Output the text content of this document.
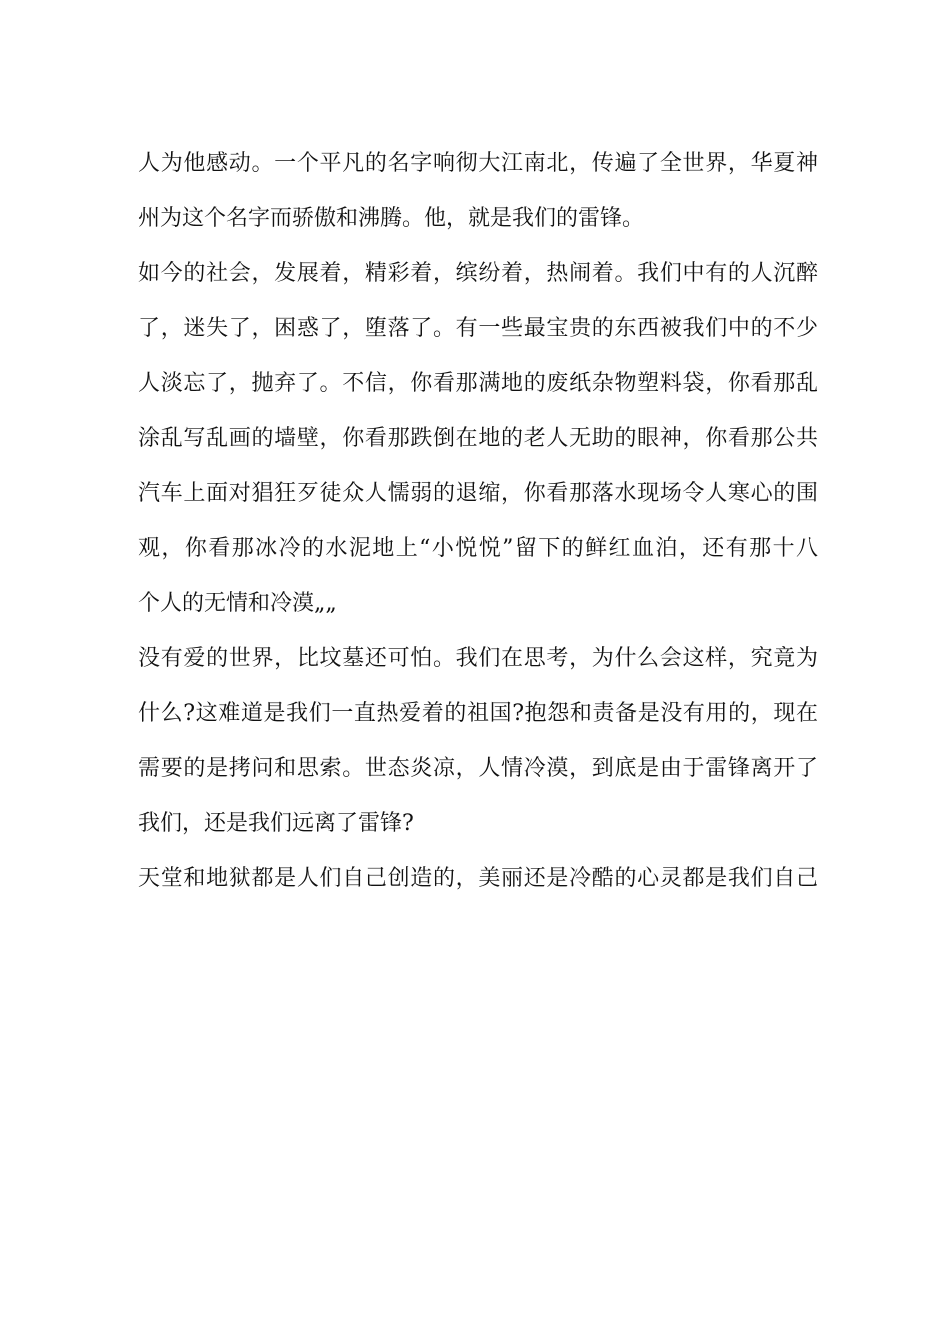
人为他感动。一个平凡的名字响彻大江南北，传遍了全世界，华夏神
州为这个名字而骄傲和沸腾。他，就是我们的雷锋。
如今的社会，发展着，精彩着，缤纷着，热闹着。我们中有的人沉醉
了，迷失了，困惑了，堕落了。有一些最宝贵的东西被我们中的不少
人淡忘了，抛弃了。不信，你看那满地的废纸杂物塑料袋，你看那乱
涂乱写乱画的墙壁，你看那跌倒在地的老人无助的眼神，你看那公共
汽车上面对猖狂歹徒众人懦弱的退缩，你看那落水现场令人寒心的围
观，你看那冰冷的水泥地上“小悦悦”留下的鲜红血泊，还有那十八
个人的无情和冷漠„„
没有爱的世界，比坟墓还可怕。我们在思考，为什么会这样，究竟为
什么?这难道是我们一直热爱着的祖国?抱怨和责备是没有用的，现在
需要的是拷问和思索。世态炎凉，人情冷漠，到底是由于雷锋离开了
我们，还是我们远离了雷锋?
天堂和地狱都是人们自己创造的，美丽还是冷酷的心灵都是我们自己
